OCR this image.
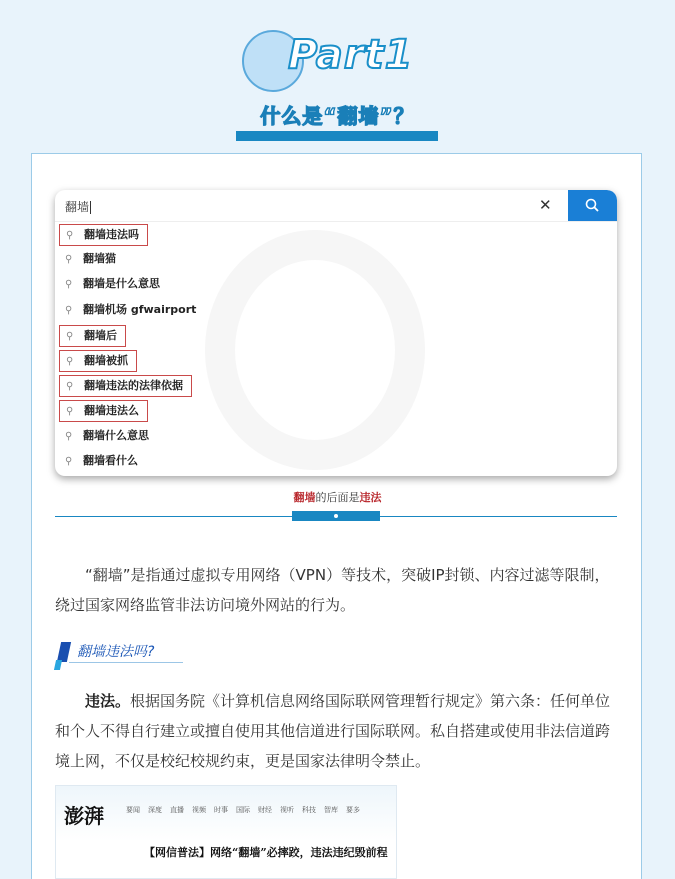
Part1
什么是“翻墙”？
翻墙	✕
⚲ 翻墙违法吗
⚲ 翻墙猫
⚲ 翻墙是什么意思
⚲ 翻墙机场 gfwairport
⚲ 翻墙后
⚲ 翻墙被抓
⚲ 翻墙违法的法律依据
⚲ 翻墙违法么
⚲ 翻墙什么意思
⚲ 翻墙看什么
翻墙的后面是违法
“翻墙”是指通过虚拟专用网络（VPN）等技术，突破IP封锁、内容过滤等限制，绕过国家网络监管非法访问境外网站的行为。
翻墙违法吗?
违法。根据国务院《计算机信息网络国际联网管理暂行规定》第六条：任何单位和个人不得自行建立或擅自使用其他信道进行国际联网。私自搭建或使用非法信道跨境上网，不仅是校纪校规约束，更是国家法律明令禁止。
澎湃	要闻	深度	直播	视频	时事	国际	财经	视听	科技	智库	要多
【网信普法】网络“翻墙”必摔跤，违法违纪毁前程
